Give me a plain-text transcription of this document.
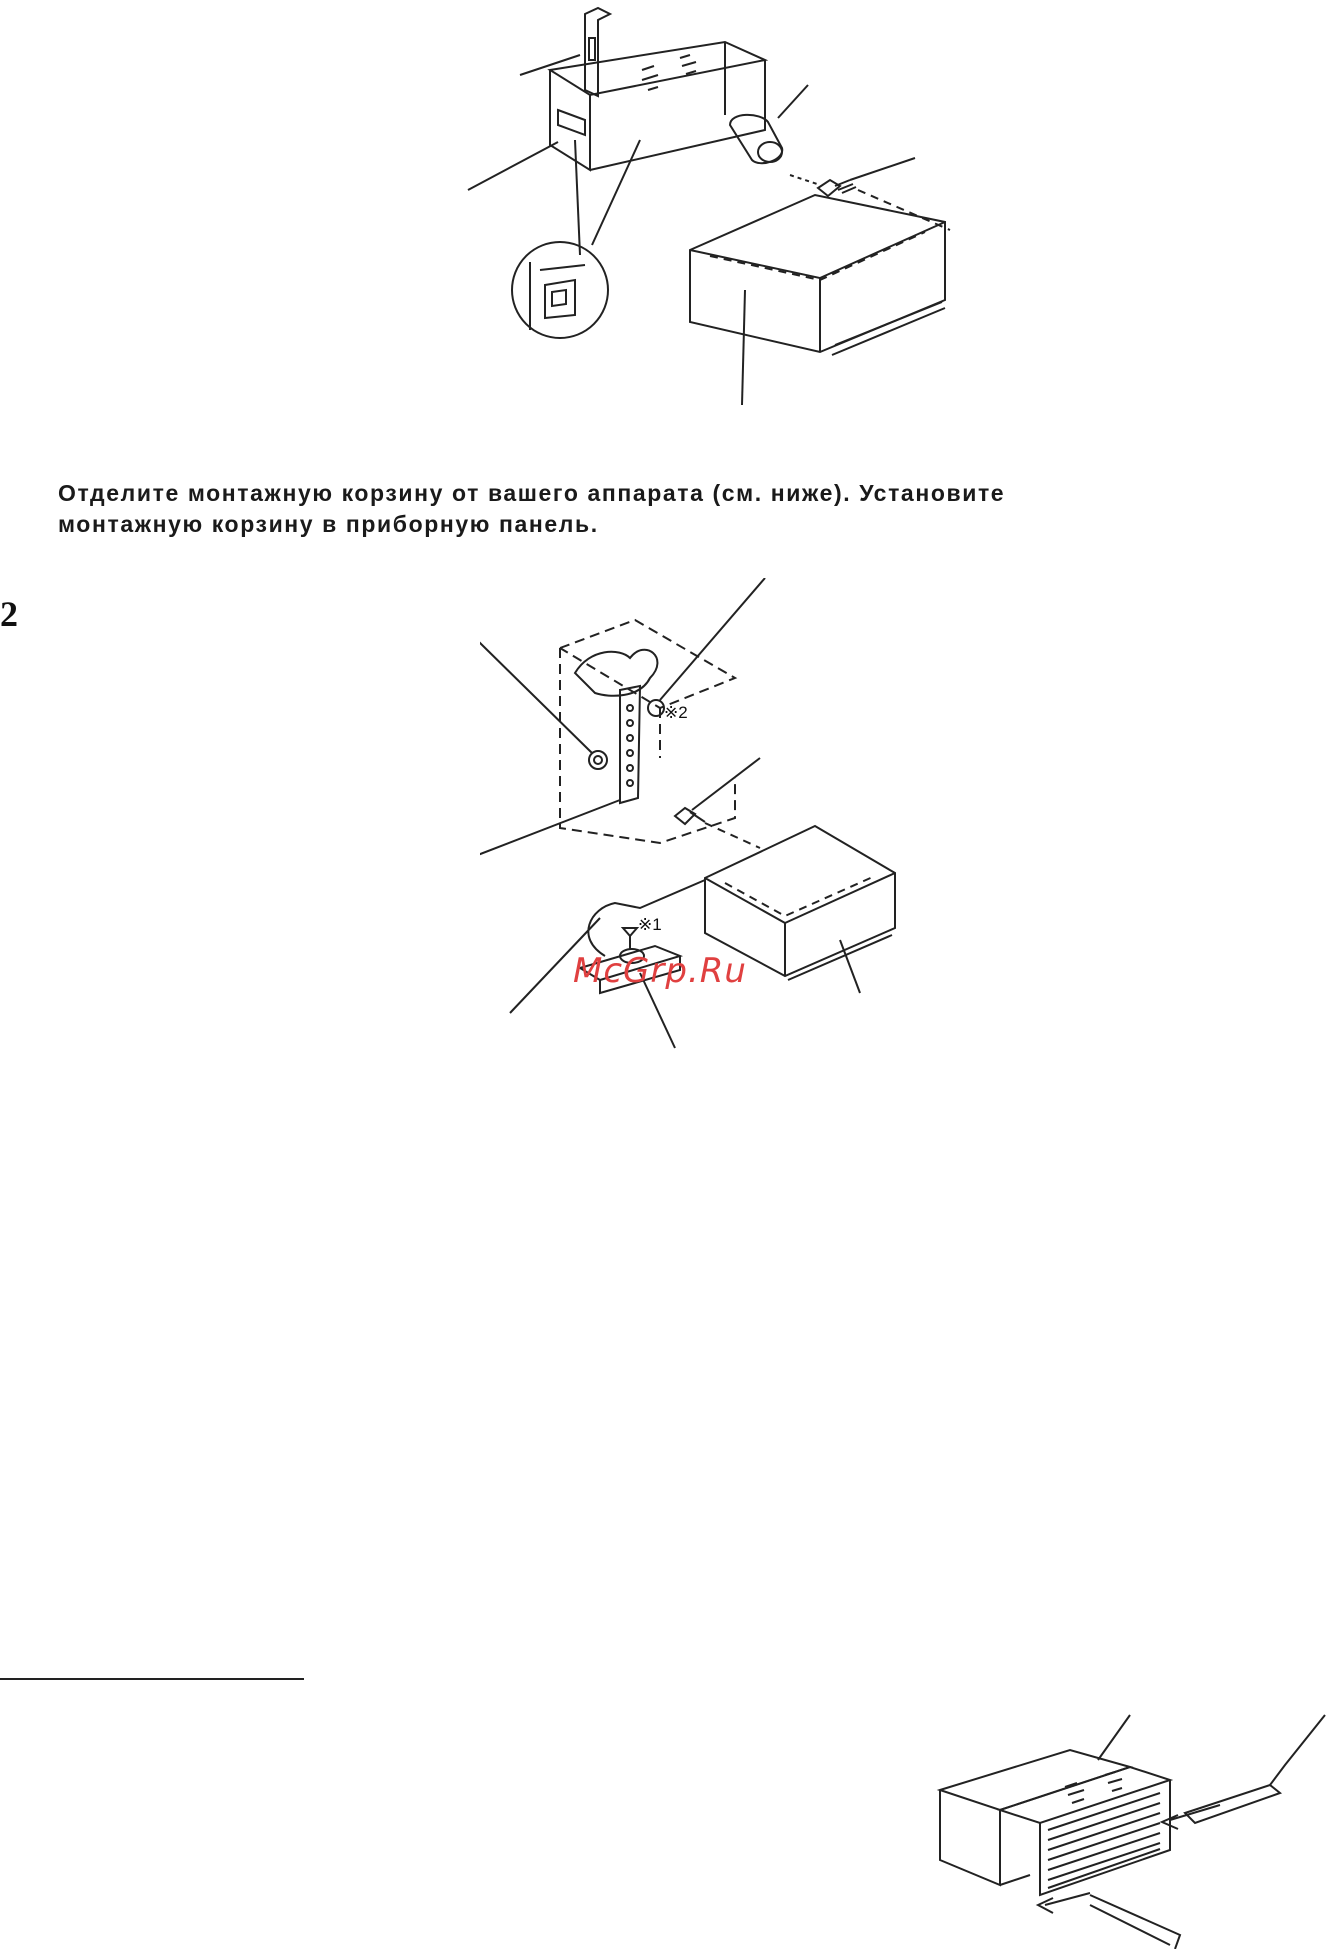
Отделите монтажную корзину от вашего аппарата (см. ниже). Установите
монтажную корзину в приборную панель.
2
※2
※1
McGrp.Ru
